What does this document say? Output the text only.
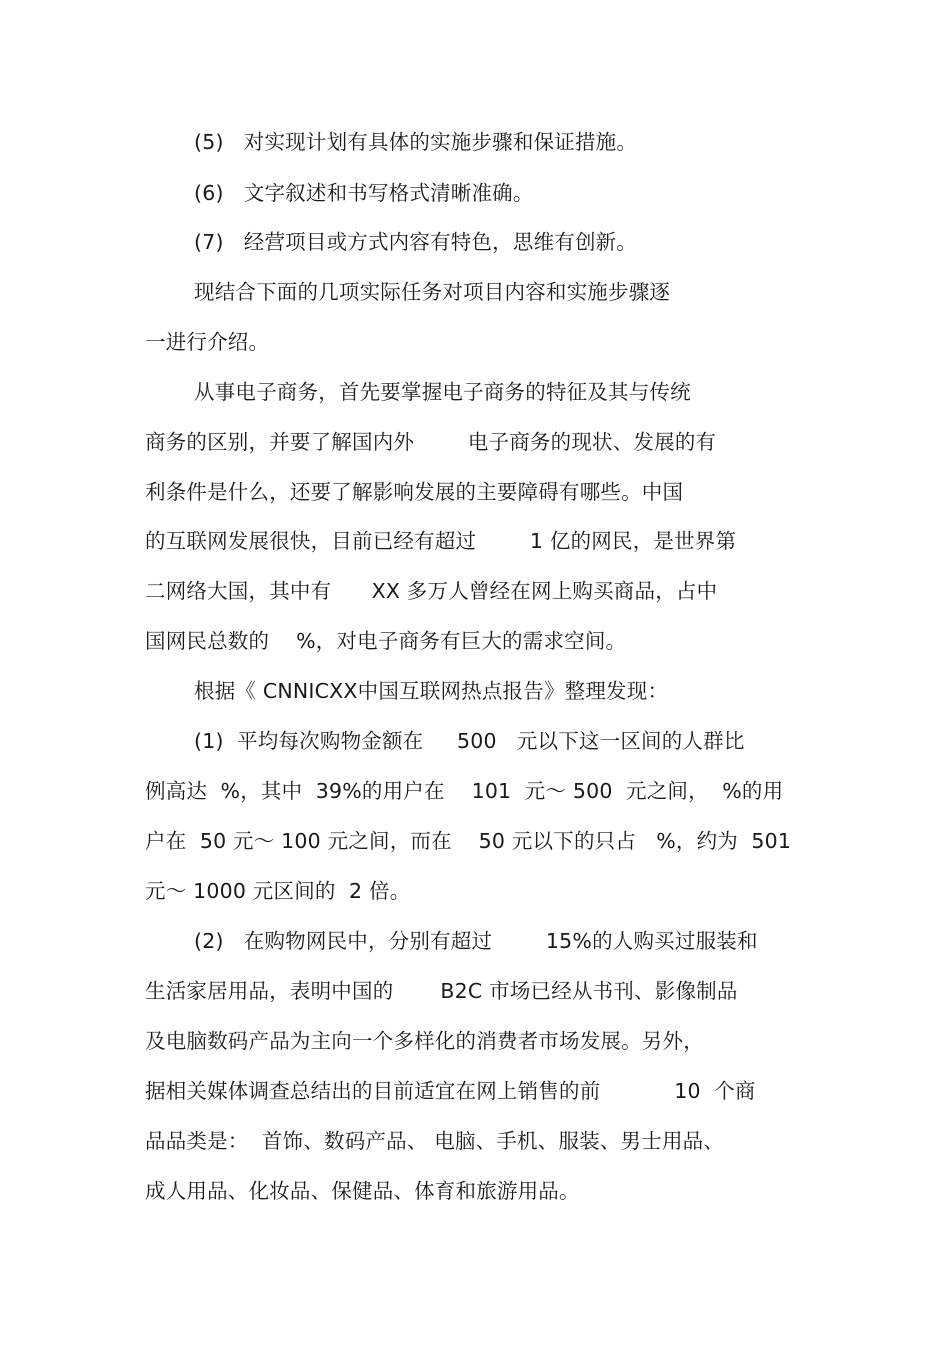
(5)   对实现计划有具体的实施步骤和保证措施。
(6)   文字叙述和书写格式清晰准确。
(7)   经营项目或方式内容有特色，思维有创新。
现结合下面的几项实际任务对项目内容和实施步骤逐
一进行介绍。
从事电子商务，首先要掌握电子商务的特征及其与传统
商务的区别，并要了解国内外        电子商务的现状、发展的有
利条件是什么，还要了解影响发展的主要障碍有哪些。中国
的互联网发展很快，目前已经有超过        1 亿的网民，是世界第
二网络大国，其中有      XX 多万人曾经在网上购买商品，占中
国网民总数的    %，对电子商务有巨大的需求空间。
根据《 CNNICXX中国互联网热点报告》整理发现：
(1)  平均每次购物金额在     500   元以下这一区间的人群比
例高达  %，其中  39%的用户在    101  元～ 500  元之间，  %的用
户在  50 元～ 100 元之间，而在    50 元以下的只占   %，约为  501
元～ 1000 元区间的  2 倍。
(2)   在购物网民中，分别有超过        15%的人购买过服装和
生活家居用品，表明中国的       B2C 市场已经从书刊、影像制品
及电脑数码产品为主向一个多样化的消费者市场发展。另外，
据相关媒体调查总结出的目前适宜在网上销售的前           10  个商
品品类是：  首饰、数码产品、 电脑、手机、服装、男士用品、
成人用品、化妆品、保健品、体育和旅游用品。
